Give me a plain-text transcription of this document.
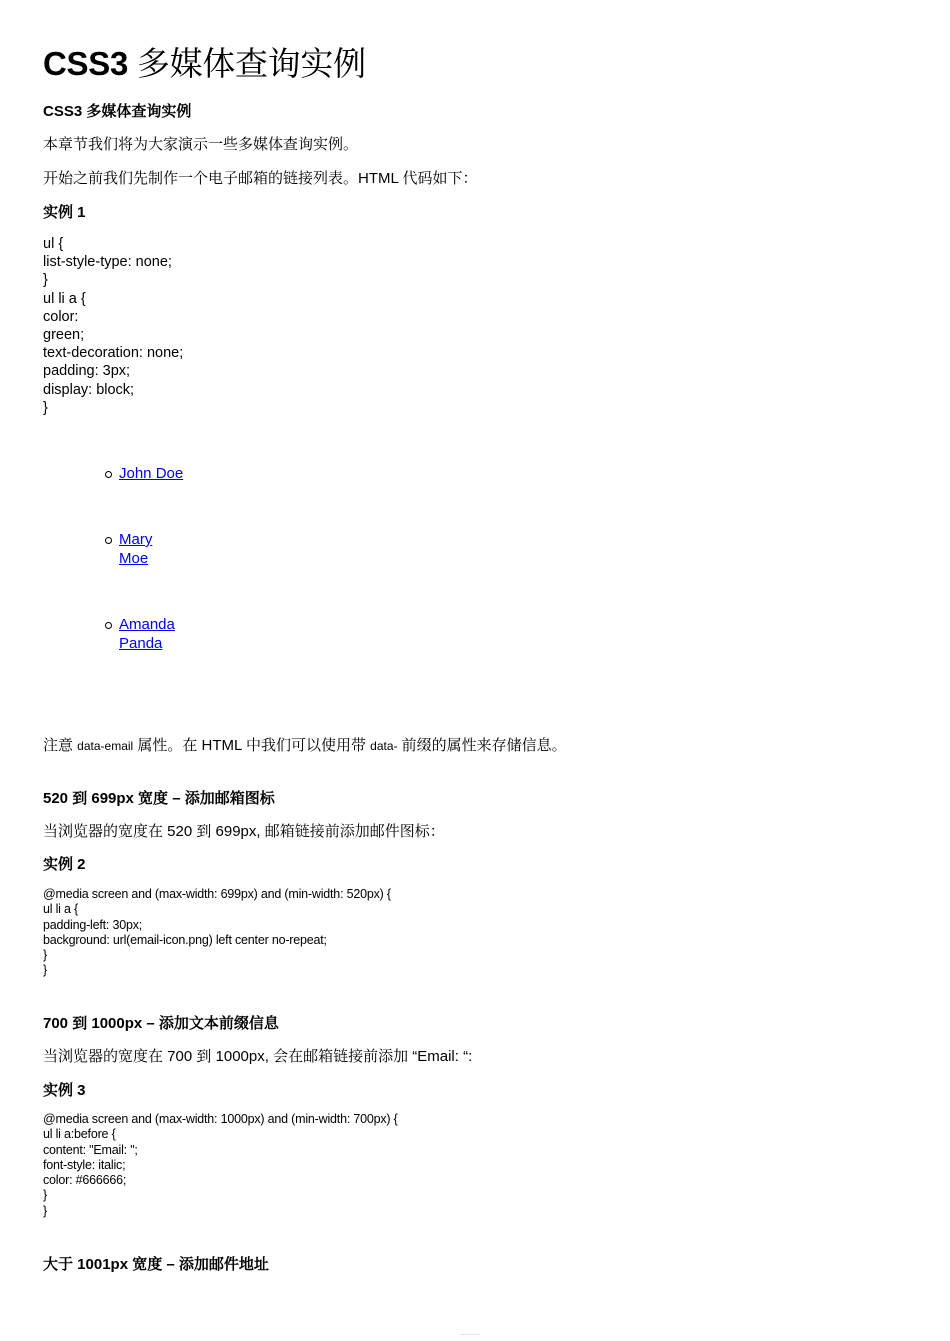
CSS3 多媒体查询实例
CSS3 多媒体查询实例
本章节我们将为大家演示一些多媒体查询实例。
开始之前我们先制作一个电子邮箱的链接列表。HTML 代码如下：
实例 1
ul {
list-style-type: none;
}
ul li a {
color:
green;
text-decoration: none;
padding: 3px;
display: block;
}
John Doe
Mary
Moe
Amanda
Panda
注意 data-email 属性。在 HTML 中我们可以使用带 data- 前缀的属性来存储信息。
520 到 699px 宽度 – 添加邮箱图标
当浏览器的宽度在 520 到 699px, 邮箱链接前添加邮件图标：
实例 2
@media screen and (max-width: 699px) and (min-width: 520px) {
ul li a {
padding-left: 30px;
background: url(email-icon.png) left center no-repeat;
}
}
700 到 1000px – 添加文本前缀信息
当浏览器的宽度在 700 到 1000px, 会在邮箱链接前添加 “Email: “:
实例 3
@media screen and (max-width: 1000px) and (min-width: 700px) {
ul li a:before {
content: "Email: ";
font-style: italic;
color: #666666;
}
}
大于 1001px 宽度 – 添加邮件地址
